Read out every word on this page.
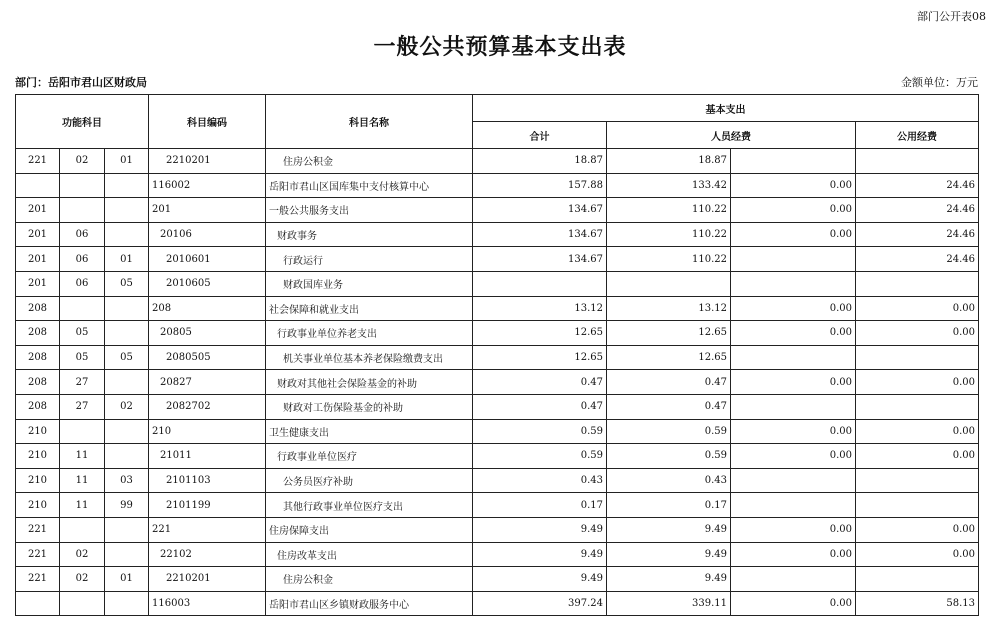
部门公开表08
一般公共预算基本支出表
部门：岳阳市君山区财政局	金额单位：万元
功能科目			科目编码	科目名称	基本支出			
					合计	人员经费		公用经费
221	02	01	2210201	住房公积金	18.87	18.87		
			116002	岳阳市君山区国库集中支付核算中心	157.88	133.42	0.00	24.46
201			201	一般公共服务支出	134.67	110.22	0.00	24.46
201	06		20106	财政事务	134.67	110.22	0.00	24.46
201	06	01	2010601	行政运行	134.67	110.22		24.46
201	06	05	2010605	财政国库业务				
208			208	社会保障和就业支出	13.12	13.12	0.00	0.00
208	05		20805	行政事业单位养老支出	12.65	12.65	0.00	0.00
208	05	05	2080505	机关事业单位基本养老保险缴费支出	12.65	12.65		
208	27		20827	财政对其他社会保险基金的补助	0.47	0.47	0.00	0.00
208	27	02	2082702	财政对工伤保险基金的补助	0.47	0.47		
210			210	卫生健康支出	0.59	0.59	0.00	0.00
210	11		21011	行政事业单位医疗	0.59	0.59	0.00	0.00
210	11	03	2101103	公务员医疗补助	0.43	0.43		
210	11	99	2101199	其他行政事业单位医疗支出	0.17	0.17		
221			221	住房保障支出	9.49	9.49	0.00	0.00
221	02		22102	住房改革支出	9.49	9.49	0.00	0.00
221	02	01	2210201	住房公积金	9.49	9.49		
			116003	岳阳市君山区乡镇财政服务中心	397.24	339.11	0.00	58.13
